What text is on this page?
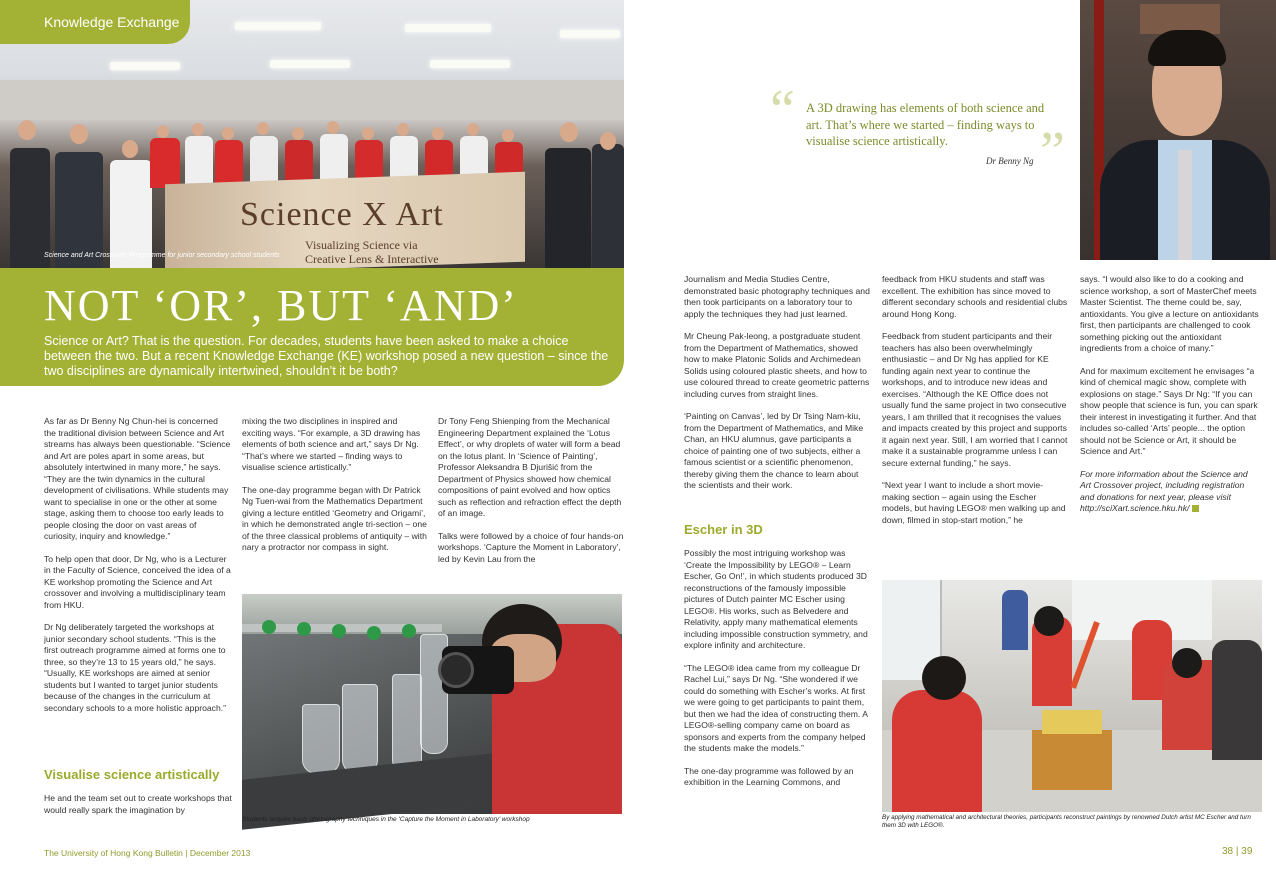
Science X Art
Visualizing Science via Creative Lens & Interactive
Science and Art Crossover Programme for junior secondary school students
Knowledge Exchange
NOT ‘OR’, BUT ‘AND’
Science or Art? That is the question. For decades, students have been asked to make a choice between the two. But a recent Knowledge Exchange (KE) workshop posed a new question – since the two disciplines are dynamically intertwined, shouldn’t it be both?

As far as Dr Benny Ng Chun-hei is concerned the traditional division between Science and Art streams has always been questionable. “Science and Art are poles apart in some areas, but absolutely intertwined in many more,” he says. “They are the twin dynamics in the cultural development of civilisations. While students may want to specialise in one or the other at some stage, asking them to choose too early leads to people closing the door on vast areas of curiosity, inquiry and knowledge.”

To help open that door, Dr Ng, who is a Lecturer in the Faculty of Science, conceived the idea of a KE workshop promoting the Science and Art crossover and involving a multidisciplinary team from HKU.

Dr Ng deliberately targeted the workshops at junior secondary school students. “This is the first outreach programme aimed at forms one to three, so they’re 13 to 15 years old,” he says. “Usually, KE workshops are aimed at senior students but I wanted to target junior students because of the changes in the curriculum at secondary schools to a more holistic approach.”

Visualise science artistically

He and the team set out to create workshops that would really spark the imagination by

mixing the two disciplines in inspired and exciting ways. “For example, a 3D drawing has elements of both science and art,” says Dr Ng. “That’s where we started – finding ways to visualise science artistically.”

The one-day programme began with Dr Patrick Ng Tuen-wai from the Mathematics Department giving a lecture entitled ‘Geometry and Origami’, in which he demonstrated angle tri-section – one of the three classical problems of antiquity – with nary a protractor nor compass in sight.

Dr Tony Feng Shienping from the Mechanical Engineering Department explained the ‘Lotus Effect’, or why droplets of water will form a bead on the lotus plant. In ‘Science of Painting’, Professor Aleksandra B Djurišić from the Department of Physics showed how chemical compositions of paint evolved and how optics such as reflection and refraction effect the depth of an image.

Talks were followed by a choice of four hands-on workshops. ‘Capture the Moment in Laboratory’, led by Kevin Lau from the

Students acquire basic photography techniques in the ‘Capture the Moment in Laboratory’ workshop
“ A 3D drawing has elements of both science and art. That’s where we started – finding ways to visualise science artistically.
Dr Benny Ng ”

Journalism and Media Studies Centre, demonstrated basic photography techniques and then took participants on a laboratory tour to apply the techniques they had just learned.

Mr Cheung Pak-leong, a postgraduate student from the Department of Mathematics, showed how to make Platonic Solids and Archimedean Solids using coloured plastic sheets, and how to use coloured thread to create geometric patterns including curves from straight lines.

‘Painting on Canvas’, led by Dr Tsing Nam-kiu, from the Department of Mathematics, and Mike Chan, an HKU alumnus, gave participants a choice of painting one of two subjects, either a famous scientist or a scientific phenomenon, thereby giving them the chance to learn about the scientists and their work.

Escher in 3D

Possibly the most intriguing workshop was ‘Create the Impossibility by LEGO® – Learn Escher, Go On!’, in which students produced 3D reconstructions of the famously impossible pictures of Dutch painter MC Escher using LEGO®. His works, such as Belvedere and Relativity, apply many mathematical elements including impossible construction symmetry, and explore infinity and architecture.

“The LEGO® idea came from my colleague Dr Rachel Lui,” says Dr Ng. “She wondered if we could do something with Escher’s works. At first we were going to get participants to paint them, but then we had the idea of constructing them. A LEGO®-selling company came on board as sponsors and experts from the company helped the students make the models.”

The one-day programme was followed by an exhibition in the Learning Commons, and

feedback from HKU students and staff was excellent. The exhibition has since moved to different secondary schools and residential clubs around Hong Kong.

Feedback from student participants and their teachers has also been overwhelmingly enthusiastic – and Dr Ng has applied for KE funding again next year to continue the workshops, and to introduce new ideas and exercises. “Although the KE Office does not usually fund the same project in two consecutive years, I am thrilled that it recognises the values and impacts created by this project and supports it again next year. Still, I am worried that I cannot make it a sustainable programme unless I can secure external funding,” he says.

“Next year I want to include a short movie-making section – again using the Escher models, but having LEGO® men walking up and down, filmed in stop-start motion,” he

says. “I would also like to do a cooking and science workshop, a sort of MasterChef meets Master Scientist. The theme could be, say, antioxidants. You give a lecture on antioxidants first, then participants are challenged to cook something picking out the antioxidant ingredients from a choice of many.”

And for maximum excitement he envisages “a kind of chemical magic show, complete with explosions on stage.” Says Dr Ng: “If you can show people that science is fun, you can spark their interest in investigating it further. And that includes so-called ‘Arts’ people... the option should not be Science or Art, it should be Science and Art.”

For more information about the Science and Art Crossover project, including registration and donations for next year, please visit http://sciXart.science.hku.hk/

By applying mathematical and architectural theories, participants reconstruct paintings by renowned Dutch artist MC Escher and turn them 3D with LEGO®.
The University of Hong Kong Bulletin | December 2013	38 | 39
